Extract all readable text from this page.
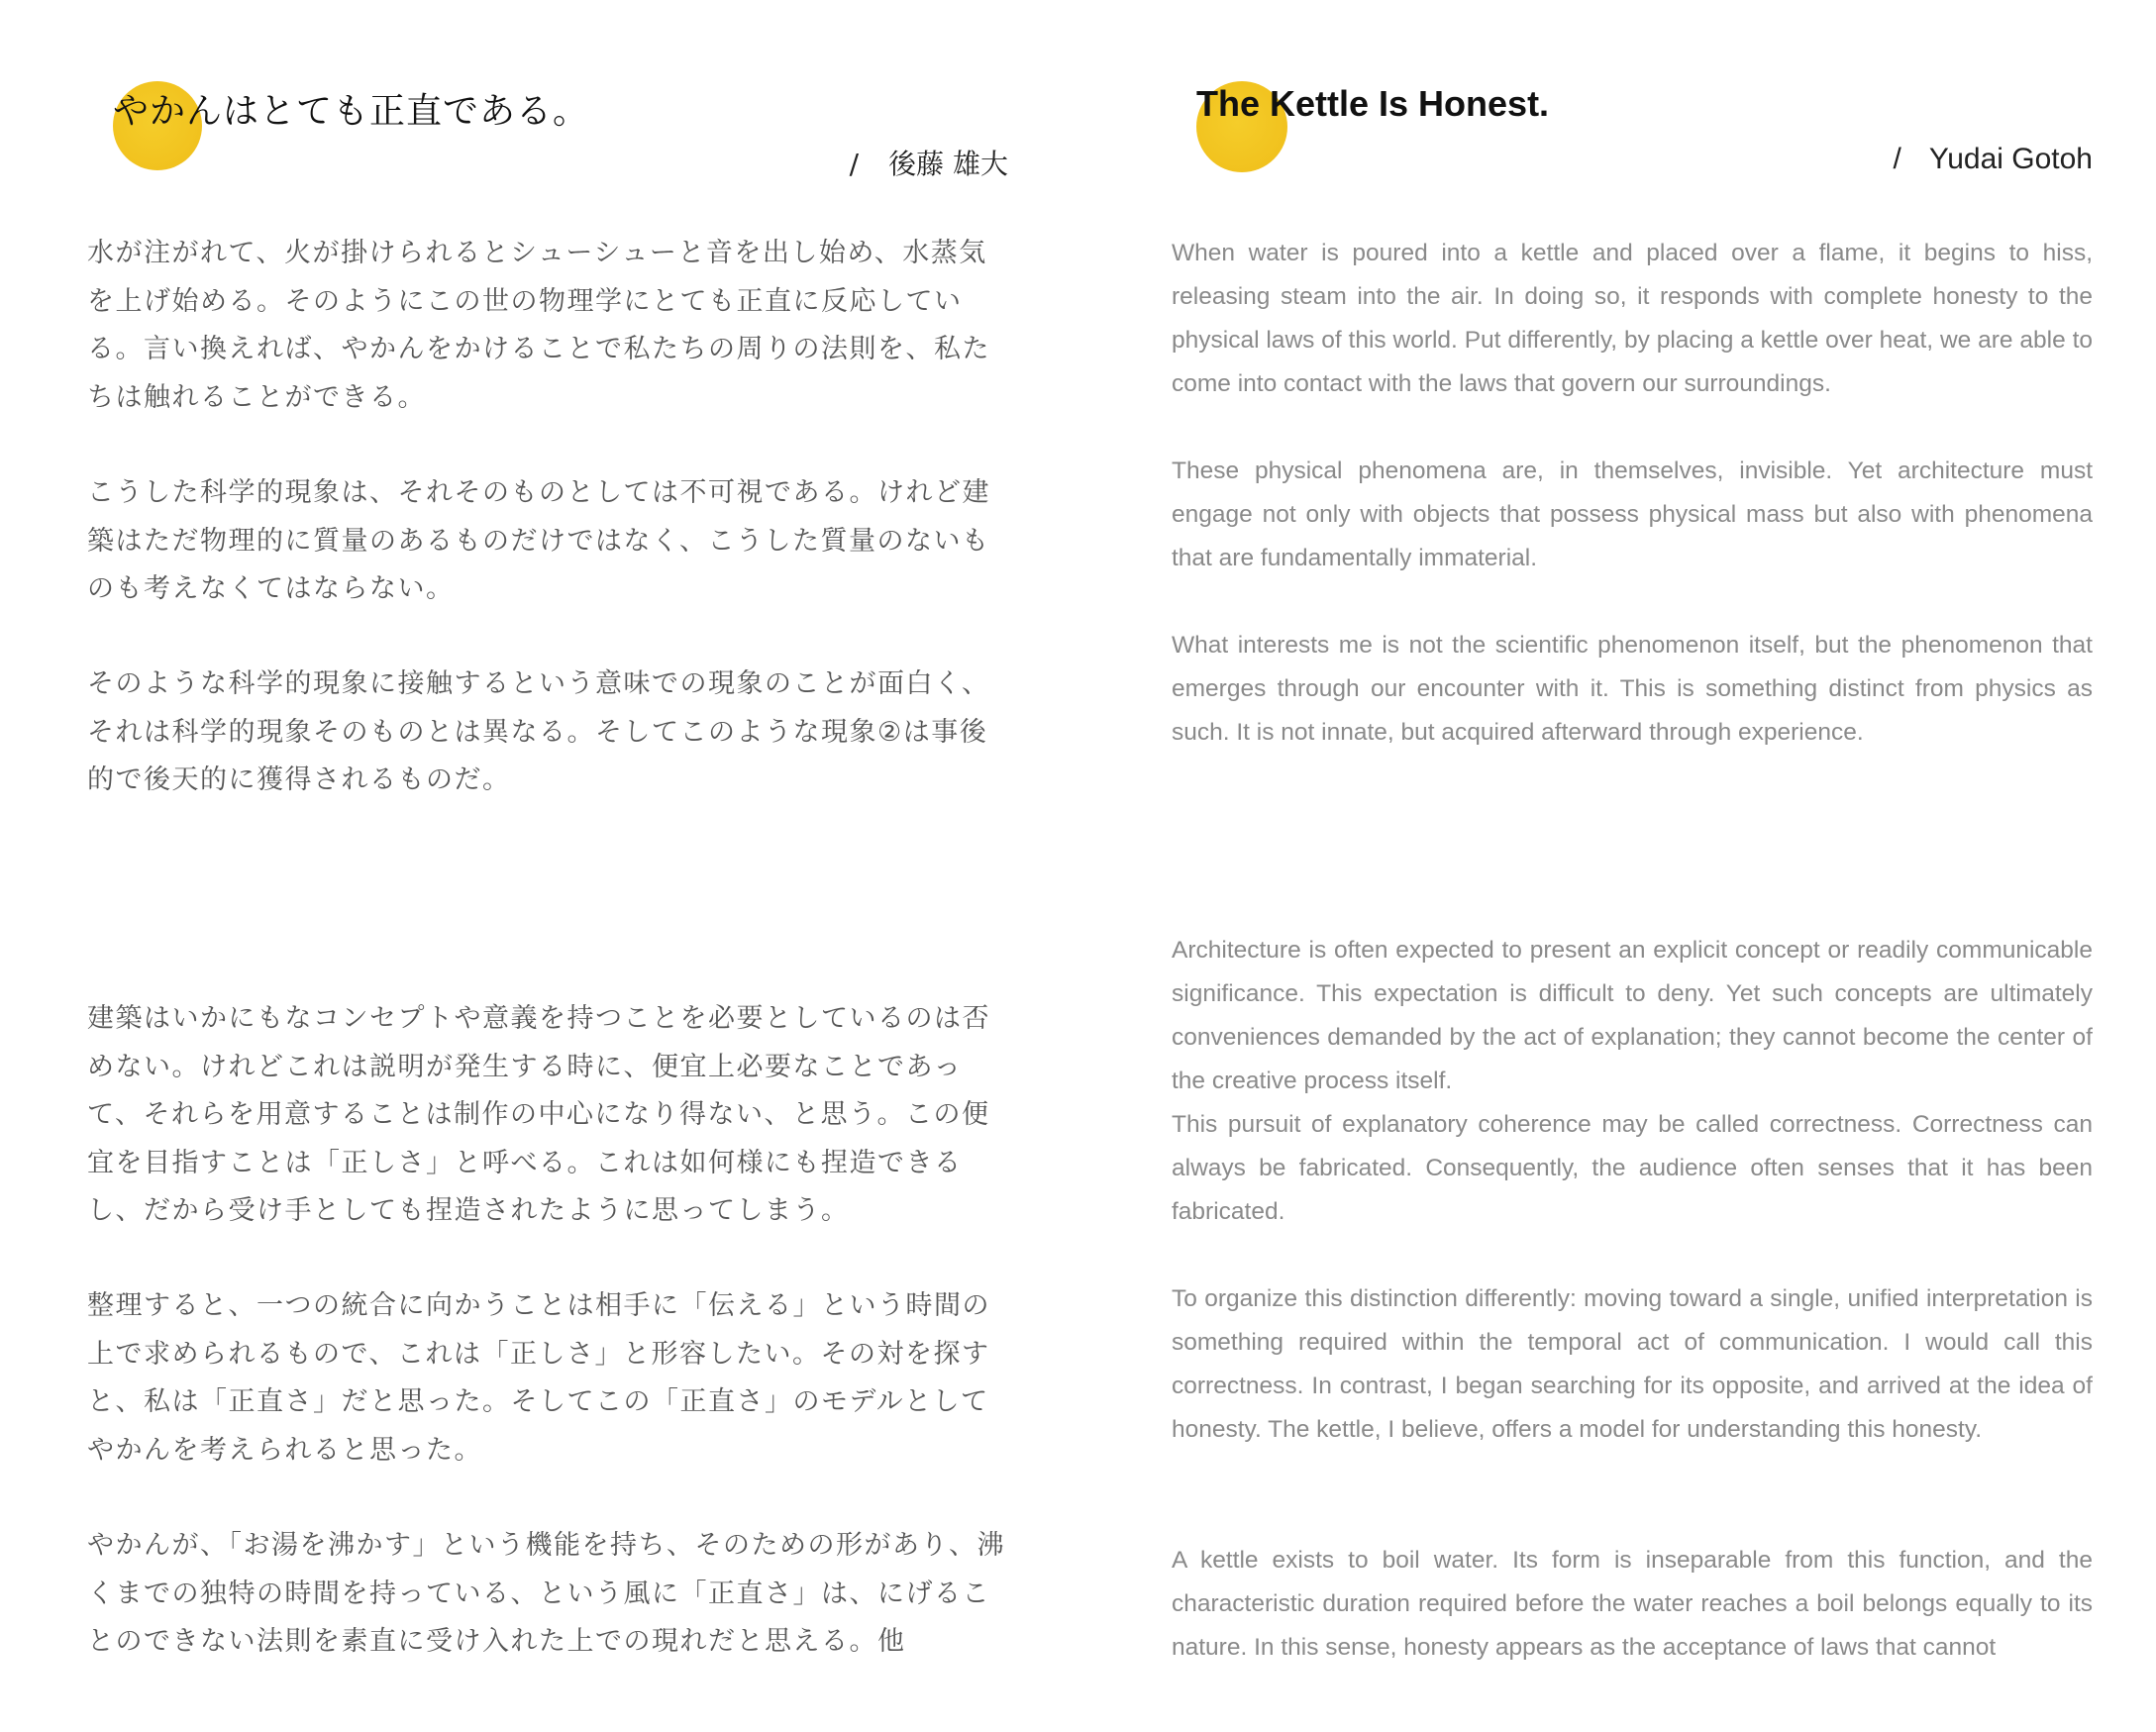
やかんはとても正直である。
/ 後藤 雄大

水が注がれて、火が掛けられるとシューシューと音を出し始め、水蒸気を上げ始める。そのようにこの世の物理学にとても正直に反応している。言い換えれば、やかんをかけることで私たちの周りの法則を、私たちは触れることができる。

こうした科学的現象は、それそのものとしては不可視である。けれど建築はただ物理的に質量のあるものだけではなく、こうした質量のないものも考えなくてはならない。

そのような科学的現象に接触するという意味での現象のことが面白く、それは科学的現象そのものとは異なる。そしてこのような現象②は事後的で後天的に獲得されるものだ。

建築はいかにもなコンセプトや意義を持つことを必要としているのは否めない。けれどこれは説明が発生する時に、便宜上必要なことであって、それらを用意することは制作の中心になり得ない、と思う。この便宜を目指すことは「正しさ」と呼べる。これは如何様にも捏造できるし、だから受け手としても捏造されたように思ってしまう。

整理すると、一つの統合に向かうことは相手に「伝える」という時間の上で求められるもので、これは「正しさ」と形容したい。その対を探すと、私は「正直さ」だと思った。そしてこの「正直さ」のモデルとしてやかんを考えられると思った。

やかんが、「お湯を沸かす」という機能を持ち、そのための形があり、沸くまでの独特の時間を持っている、という風に「正直さ」は、にげることのできない法則を素直に受け入れた上での現れだと思える。他

The Kettle Is Honest.
/ Yudai Gotoh

When water is poured into a kettle and placed over a flame, it begins to hiss, releasing steam into the air. In doing so, it responds with complete honesty to the physical laws of this world. Put differently, by placing a kettle over heat, we are able to come into contact with the laws that govern our surroundings.

These physical phenomena are, in themselves, invisible. Yet architecture must engage not only with objects that possess physical mass but also with phenomena that are fundamentally immaterial.

What interests me is not the scientific phenomenon itself, but the phenomenon that emerges through our encounter with it. This is something distinct from physics as such. It is not innate, but acquired afterward through experience.

Architecture is often expected to present an explicit concept or readily communicable significance. This expectation is difficult to deny. Yet such concepts are ultimately conveniences demanded by the act of explanation; they cannot become the center of the creative process itself.

This pursuit of explanatory coherence may be called correctness. Correctness can always be fabricated. Consequently, the audience often senses that it has been fabricated.

To organize this distinction differently: moving toward a single, unified interpretation is something required within the temporal act of communication. I would call this correctness. In contrast, I began searching for its opposite, and arrived at the idea of honesty. The kettle, I believe, offers a model for understanding this honesty.

A kettle exists to boil water. Its form is inseparable from this function, and the characteristic duration required before the water reaches a boil belongs equally to its nature. In this sense, honesty appears as the acceptance of laws that cannot
